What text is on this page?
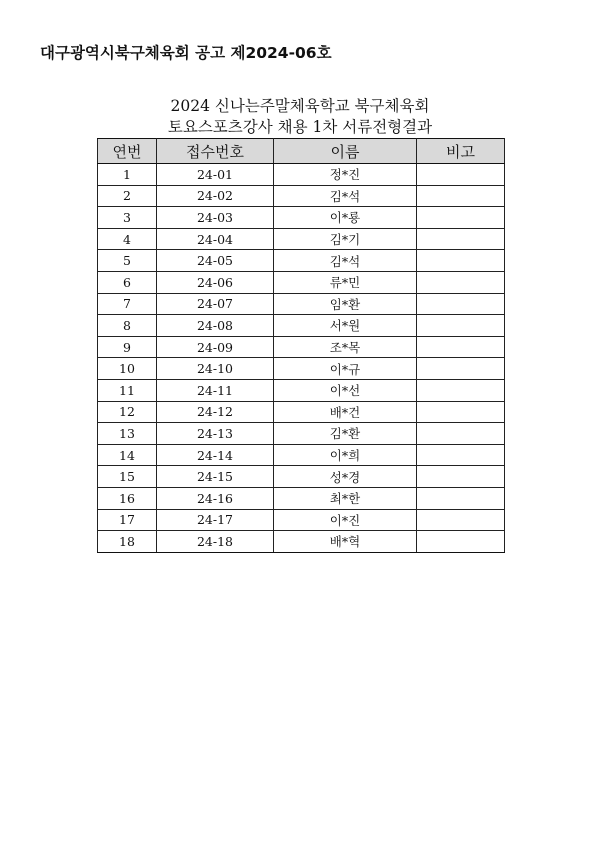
대구광역시북구체육회 공고 제2024-06호
2024 신나는주말체육학교 북구체육회
토요스포츠강사 채용 1차 서류전형결과
연번	접수번호	이름	비고
1	24-01	정*진	
2	24-02	김*석	
3	24-03	이*룡	
4	24-04	김*기	
5	24-05	김*석	
6	24-06	류*민	
7	24-07	임*환	
8	24-08	서*원	
9	24-09	조*목	
10	24-10	이*규	
11	24-11	이*선	
12	24-12	배*건	
13	24-13	김*환	
14	24-14	이*희	
15	24-15	성*경	
16	24-16	최*한	
17	24-17	이*진	
18	24-18	배*혁	
